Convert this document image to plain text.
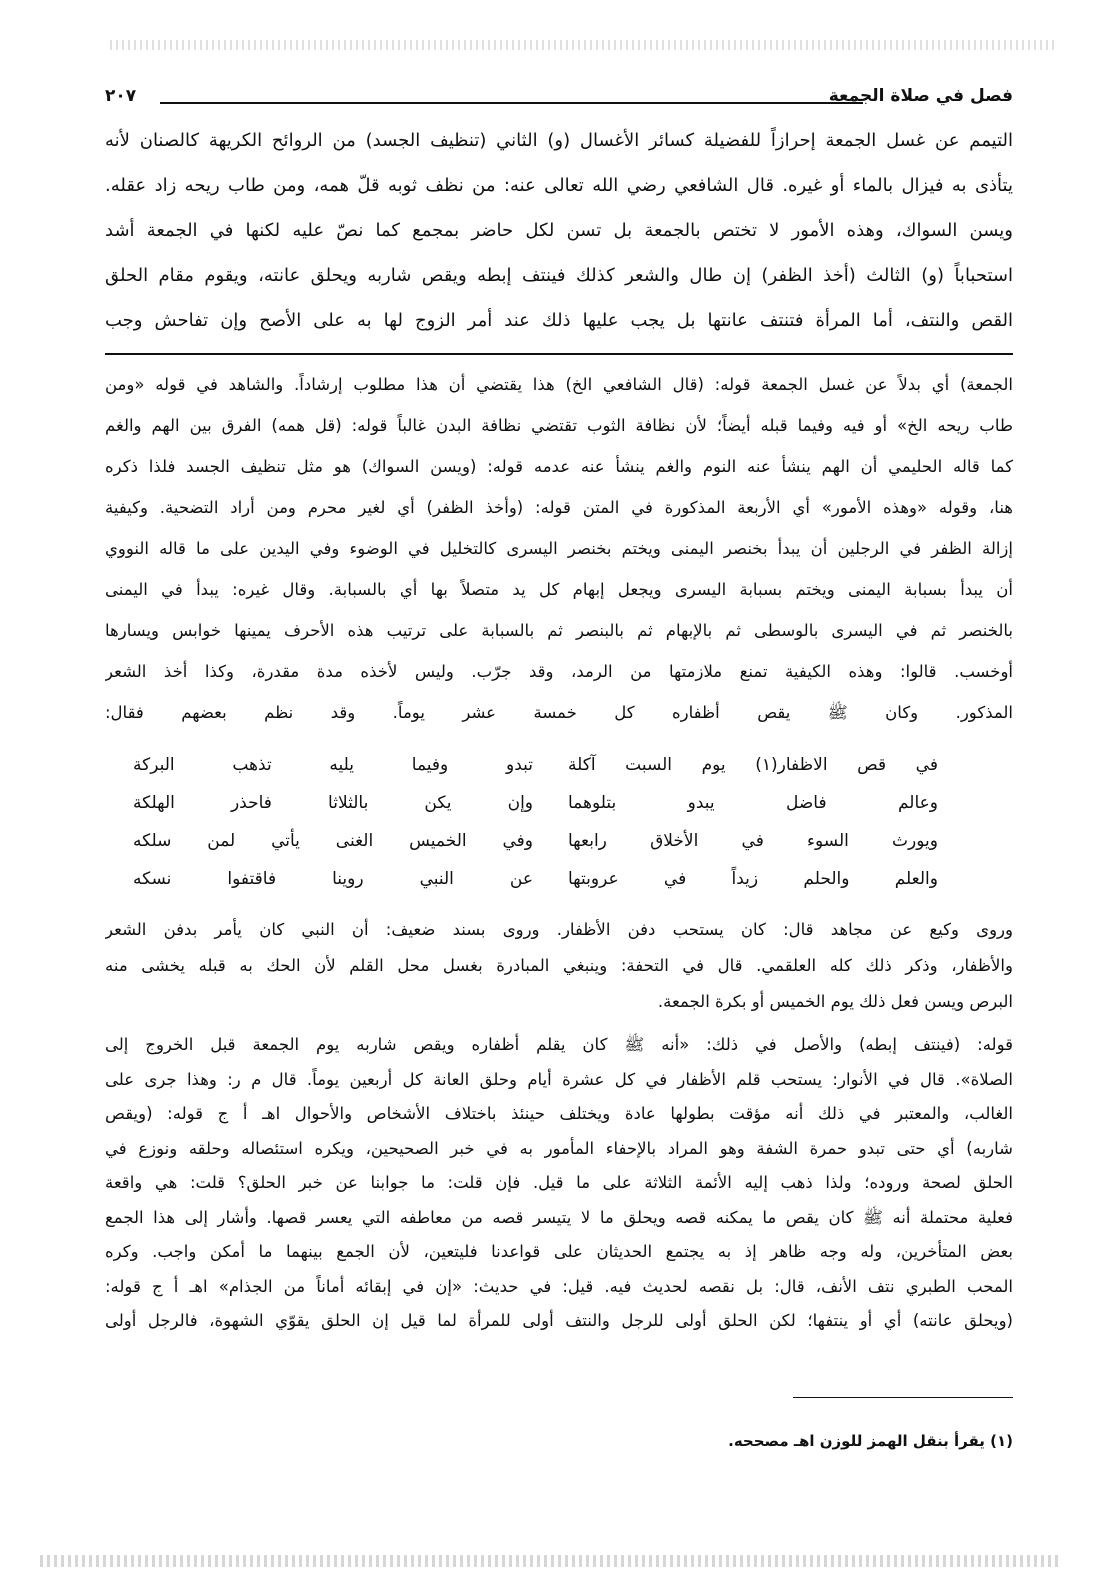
فصل في صلاة الجمعة
٢٠٧
التيمم عن غسل الجمعة إحرازاً للفضيلة كسائر الأغسال (و) الثاني (تنظيف الجسد) من الروائح الكريهة كالصنان لأنه
يتأذى به فيزال بالماء أو غيره. قال الشافعي رضي الله تعالى عنه: من نظف ثوبه قلّ همه، ومن طاب ريحه زاد عقله.
ويسن السواك، وهذه الأمور لا تختص بالجمعة بل تسن لكل حاضر بمجمع كما نصّ عليه لكنها في الجمعة أشد
استحباباً (و) الثالث (أخذ الظفر) إن طال والشعر كذلك فينتف إبطه ويقص شاربه ويحلق عانته، ويقوم مقام الحلق
القص والنتف، أما المرأة فتنتف عانتها بل يجب عليها ذلك عند أمر الزوج لها به على الأصح وإن تفاحش وجب
الجمعة) أي بدلاً عن غسل الجمعة قوله: (قال الشافعي الخ) هذا يقتضي أن هذا مطلوب إرشاداً. والشاهد في قوله «ومن
طاب ريحه الخ» أو فيه وفيما قبله أيضاً؛ لأن نظافة الثوب تقتضي نظافة البدن غالباً قوله: (قل همه) الفرق بين الهم والغم
كما قاله الحليمي أن الهم ينشأ عنه النوم والغم ينشأ عنه عدمه قوله: (ويسن السواك) هو مثل تنظيف الجسد فلذا ذكره
هنا، وقوله «وهذه الأمور» أي الأربعة المذكورة في المتن قوله: (وأخذ الظفر) أي لغير محرم ومن أراد التضحية. وكيفية
إزالة الظفر في الرجلين أن يبدأ بخنصر اليمنى ويختم بخنصر اليسرى كالتخليل في الوضوء وفي اليدين على ما قاله النووي
أن يبدأ بسبابة اليمنى ويختم بسبابة اليسرى ويجعل إبهام كل يد متصلاً بها أي بالسبابة. وقال غيره: يبدأ في اليمنى
بالخنصر ثم في اليسرى بالوسطى ثم بالإبهام ثم بالبنصر ثم بالسبابة على ترتيب هذه الأحرف يمينها خوابس ويسارها
أوخسب. قالوا: وهذه الكيفية تمنع ملازمتها من الرمد، وقد جرّب. وليس لأخذه مدة مقدرة، وكذا أخذ الشعر
المذكور. وكان ﷺ يقص أظفاره كل خمسة عشر يوماً. وقد نظم بعضهم فقال:
في قص الاظفار(١) يوم السبت آكلة
تبدو وفيما يليه تذهب البركة
وعالم فاضل يبدو بتلوهما
وإن يكن بالثلاثا فاحذر الهلكة
ويورث السوء في الأخلاق رابعها
وفي الخميس الغنى يأتي لمن سلكه
والعلم والحلم زيداً في عروبتها
عن النبي روينا فاقتفوا نسكه
وروى وكيع عن مجاهد قال: كان يستحب دفن الأظفار. وروى بسند ضعيف: أن النبي كان يأمر بدفن الشعر
والأظفار، وذكر ذلك كله العلقمي. قال في التحفة: وينبغي المبادرة بغسل محل القلم لأن الحك به قبله يخشى منه
البرص ويسن فعل ذلك يوم الخميس أو بكرة الجمعة.
قوله: (فينتف إبطه) والأصل في ذلك: «أنه ﷺ كان يقلم أظفاره ويقص شاربه يوم الجمعة قبل الخروج إلى
الصلاة». قال في الأنوار: يستحب قلم الأظفار في كل عشرة أيام وحلق العانة كل أربعين يوماً. قال م ر: وهذا جرى على
الغالب، والمعتبر في ذلك أنه مؤقت بطولها عادة ويختلف حينئذ باختلاف الأشخاص والأحوال اهـ أ ج قوله: (ويقص
شاربه) أي حتى تبدو حمرة الشفة وهو المراد بالإحفاء المأمور به في خبر الصحيحين، ويكره استئصاله وحلقه ونوزع في
الحلق لصحة وروده؛ ولذا ذهب إليه الأئمة الثلاثة على ما قيل. فإن قلت: ما جوابنا عن خبر الحلق؟ قلت: هي واقعة
فعلية محتملة أنه ﷺ كان يقص ما يمكنه قصه ويحلق ما لا يتيسر قصه من معاطفه التي يعسر قصها. وأشار إلى هذا الجمع
بعض المتأخرين، وله وجه ظاهر إذ به يجتمع الحديثان على قواعدنا فليتعين، لأن الجمع بينهما ما أمكن واجب. وكره
المحب الطبري نتف الأنف، قال: بل نقصه لحديث فيه. قيل: في حديث: «إن في إبقائه أماناً من الجذام» اهـ أ ج قوله:
(ويحلق عانته) أي أو ينتفها؛ لكن الحلق أولى للرجل والنتف أولى للمرأة لما قيل إن الحلق يقوّي الشهوة، فالرجل أولى
(١) يقرأ بنقل الهمز للوزن اهـ مصححه.
